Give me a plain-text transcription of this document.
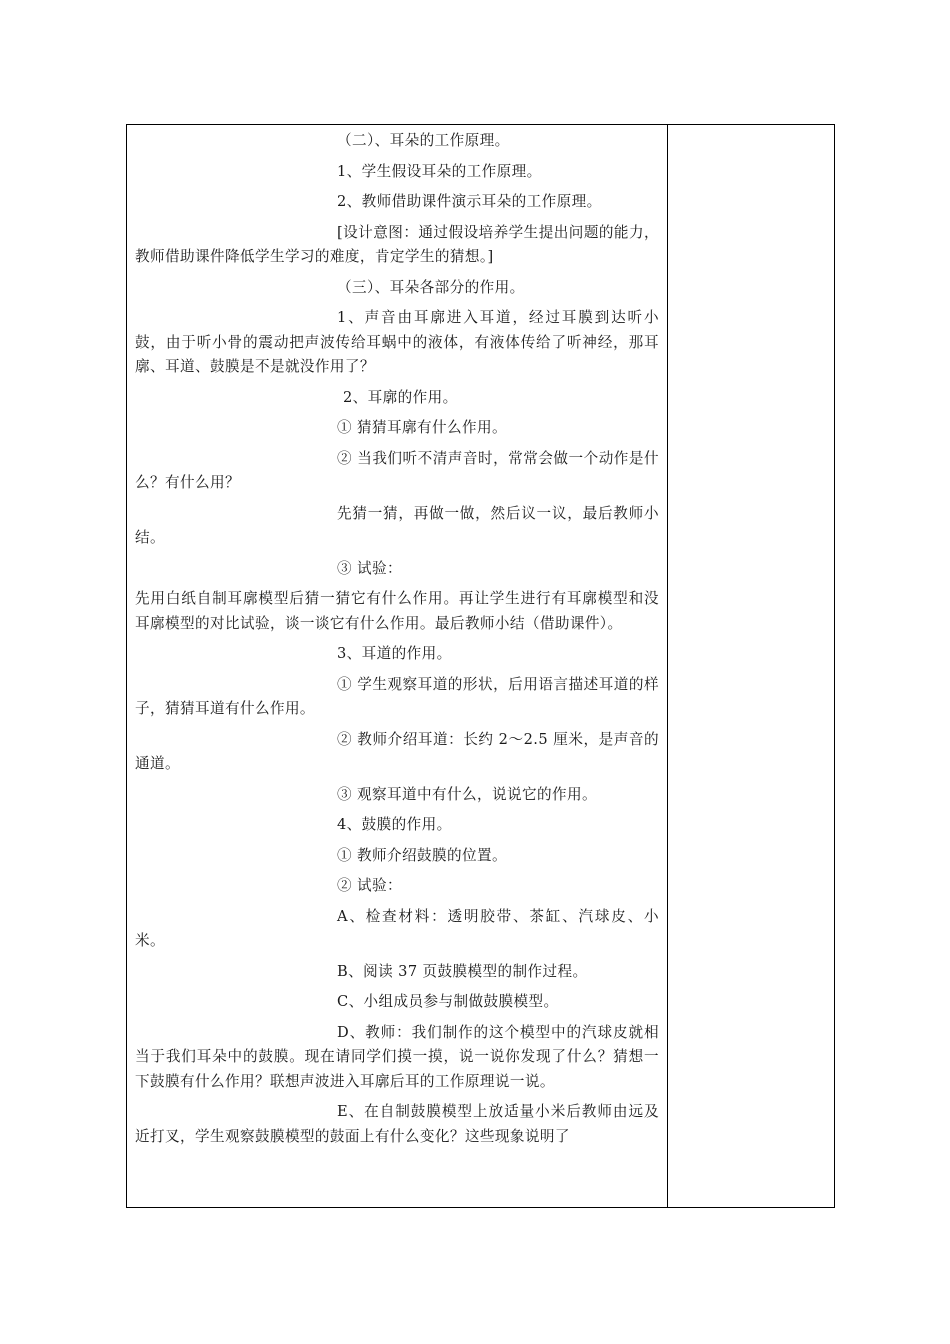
（二）、耳朵的工作原理。

1、学生假设耳朵的工作原理。

2、教师借助课件演示耳朵的工作原理。

[设计意图：通过假设培养学生提出问题的能力，教师借助课件降低学生学习的难度，肯定学生的猜想。]

（三）、耳朵各部分的作用。

1、声音由耳廓进入耳道，经过耳膜到达听小鼓，由于听小骨的震动把声波传给耳蜗中的液体，有液体传给了听神经，那耳廓、耳道、鼓膜是不是就没作用了？

2、耳廓的作用。

① 猜猜耳廓有什么作用。

② 当我们听不清声音时，常常会做一个动作是什么？有什么用？

先猜一猜，再做一做，然后议一议，最后教师小结。

③ 试验：

先用白纸自制耳廓模型后猜一猜它有什么作用。再让学生进行有耳廓模型和没耳廓模型的对比试验，谈一谈它有什么作用。最后教师小结（借助课件）。

3、耳道的作用。

① 学生观察耳道的形状，后用语言描述耳道的样子，猜猜耳道有什么作用。

② 教师介绍耳道：长约 2～2.5 厘米，是声音的通道。

③ 观察耳道中有什么，说说它的作用。

4、鼓膜的作用。

① 教师介绍鼓膜的位置。

② 试验：

A、检查材料：透明胶带、茶缸、汽球皮、小米。

B、阅读 37 页鼓膜模型的制作过程。

C、小组成员参与制做鼓膜模型。

D、教师：我们制作的这个模型中的汽球皮就相当于我们耳朵中的鼓膜。现在请同学们摸一摸，说一说你发现了什么？猜想一下鼓膜有什么作用？联想声波进入耳廓后耳的工作原理说一说。

E、在自制鼓膜模型上放适量小米后教师由远及近打叉，学生观察鼓膜模型的鼓面上有什么变化？这些现象说明了
